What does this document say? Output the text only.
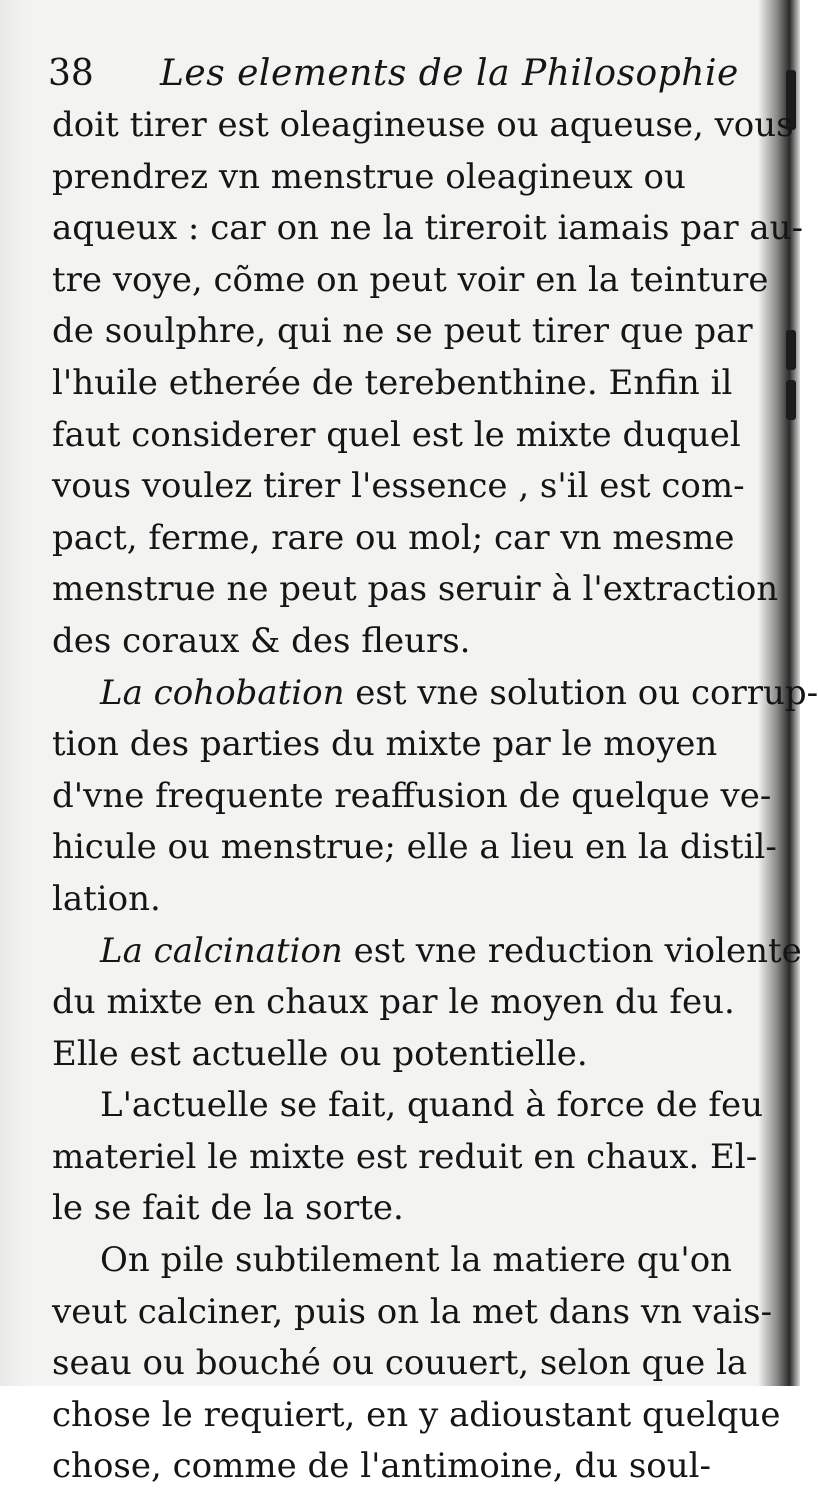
38 Les elements de la Philosophie
doit tirer est oleagineuse ou aqueuse, vous
prendrez vn menstrue oleagineux ou
aqueux : car on ne la tireroit iamais par au-
tre voye, cõme on peut voir en la teinture
de soulphre, qui ne se peut tirer que par
l'huile etherée de terebenthine. Enfin il
faut considerer quel est le mixte duquel
vous voulez tirer l'essence , s'il est com-
pact, ferme, rare ou mol; car vn mesme
menstrue ne peut pas seruir à l'extraction
des coraux & des fleurs.
La cohobation est vne solution ou corrup-
tion des parties du mixte par le moyen
d'vne frequente reaffusion de quelque ve-
hicule ou menstrue; elle a lieu en la distil-
lation.
La calcination est vne reduction violente
du mixte en chaux par le moyen du feu.
Elle est actuelle ou potentielle.
L'actuelle se fait, quand à force de feu
materiel le mixte est reduit en chaux. El-
le se fait de la sorte.
On pile subtilement la matiere qu'on
veut calciner, puis on la met dans vn vais-
seau ou bouché ou couuert, selon que la
chose le requiert, en y adioustant quelque
chose, comme de l'antimoine, du soul-
